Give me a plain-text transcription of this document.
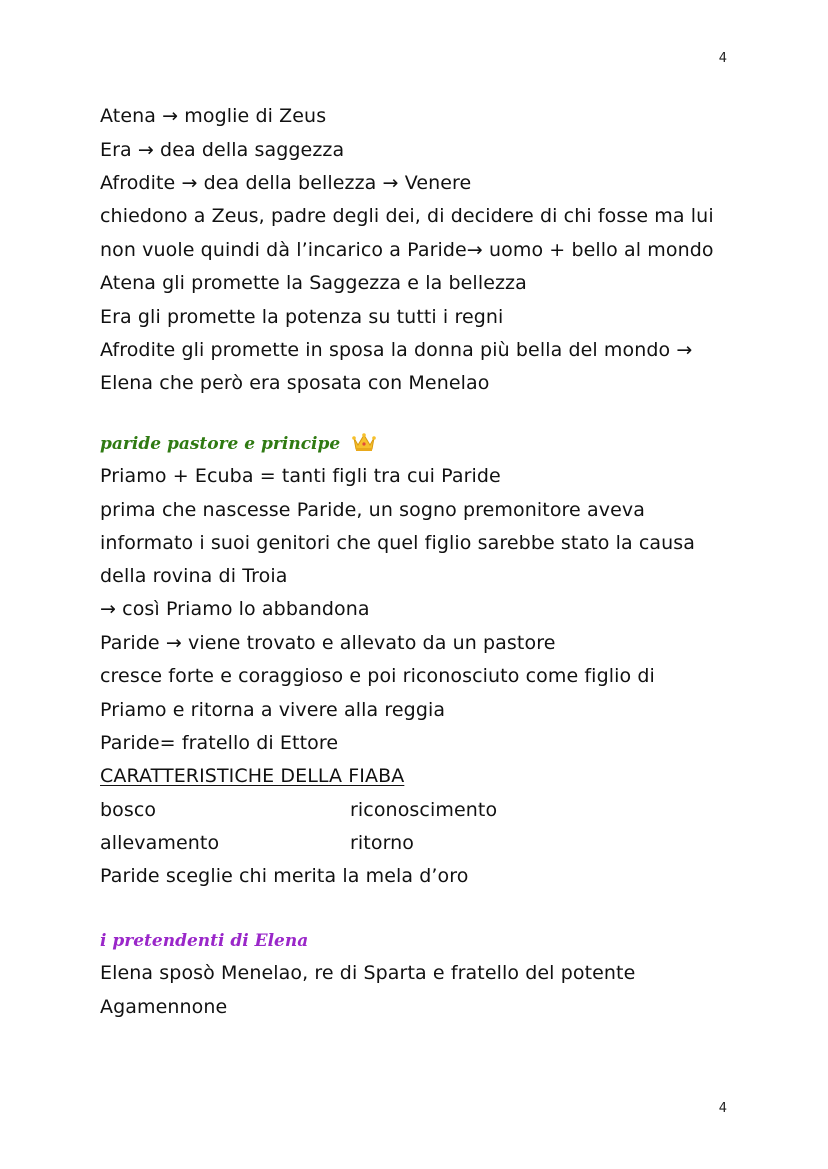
4
Atena → moglie di Zeus
Era → dea della saggezza
Afrodite → dea della bellezza → Venere
chiedono a Zeus, padre degli dei, di decidere di chi fosse ma lui
non vuole quindi dà l’incarico a Paride→ uomo + bello al mondo
Atena gli promette la Saggezza e la bellezza
Era gli promette la potenza su tutti i regni
Afrodite gli promette in sposa la donna più bella del mondo →
Elena che però era sposata con Menelao
paride pastore e principe
Priamo + Ecuba = tanti figli tra cui Paride
prima che nascesse Paride, un sogno premonitore aveva
informato i suoi genitori che quel figlio sarebbe stato la causa
della rovina di Troia
→ così Priamo lo abbandona
Paride → viene trovato e allevato da un pastore
cresce forte e coraggioso e poi riconosciuto come figlio di
Priamo e ritorna a vivere alla reggia
Paride= fratello di Ettore
CARATTERISTICHE DELLA FIABA
bosco	riconoscimento
allevamento	ritorno
Paride sceglie chi merita la mela d’oro
i pretendenti di Elena
Elena sposò Menelao, re di Sparta e fratello del potente
Agamennone
4
